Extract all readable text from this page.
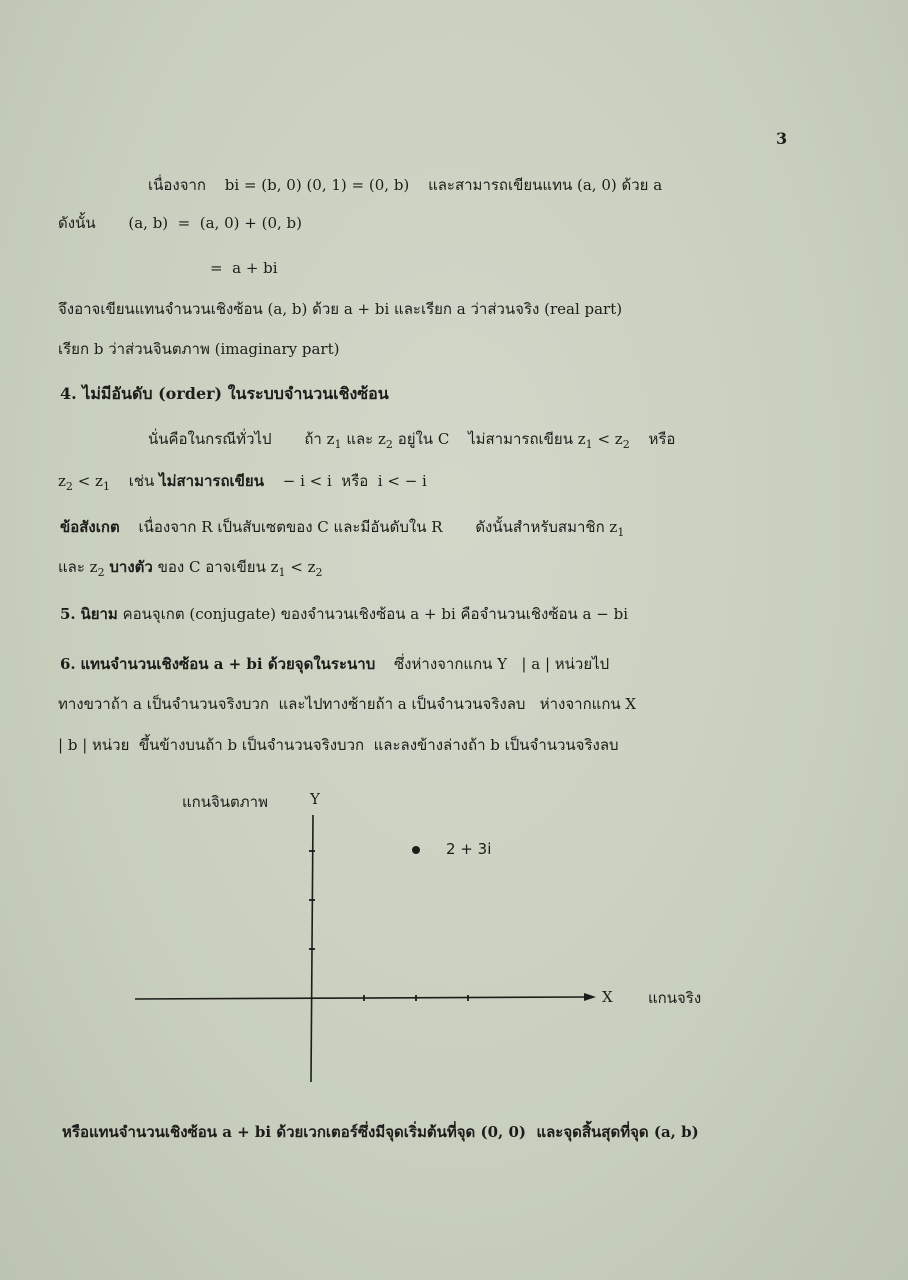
3
เนื่องจาก bi = (b, 0) (0, 1) = (0, b) และสามารถเขียนแทน (a, 0) ด้วย a
ดังนั้น (a, b)  =  (a, 0) + (0, b)
=  a + bi
จึงอาจเขียนแทนจำนวนเชิงซ้อน (a, b) ด้วย a + bi และเรียก a ว่าส่วนจริง (real part)
เรียก b ว่าส่วนจินตภาพ (imaginary part)
4. ไม่มีอันดับ (order) ในระบบจำนวนเชิงซ้อน
นั่นคือในกรณีทั่วไป ถ้า $z_1$ และ $z_2$ อยู่ใน C ไม่สามารถเขียน $z_1 < z_2$ หรือ
$z_2 < z_1$ เช่น ไม่สามารถเขียน − i < i  หรือ  i < − i
ข้อสังเกต เนื่องจาก R เป็นสับเซตของ C และมีอันดับใน R ดังนั้นสำหรับสมาชิก $z_1$
และ $z_2$ บางตัว ของ C อาจเขียน $z_1 < z_2$
5. นิยาม คอนจุเกต (conjugate) ของจำนวนเชิงซ้อน a + bi คือจำนวนเชิงซ้อน a − bi
6. แทนจำนวนเชิงซ้อน a + bi ด้วยจุดในระนาบ ซึ่งห่างจากแกน Y   | a | หน่วยไป
ทางขวาถ้า a เป็นจำนวนจริงบวก  และไปทางซ้ายถ้า a เป็นจำนวนจริงลบ   ห่างจากแกน X
| b | หน่วย  ขึ้นข้างบนถ้า b เป็นจำนวนจริงบวก  และลงข้างล่างถ้า b เป็นจำนวนจริงลบ
แกนจินตภาพ	Y
X แกนจริง
2 + 3i
หรือแทนจำนวนเชิงซ้อน a + bi ด้วยเวกเตอร์ซึ่งมีจุดเริ่มต้นที่จุด (0, 0)  และจุดสิ้นสุดที่จุด (a, b)
